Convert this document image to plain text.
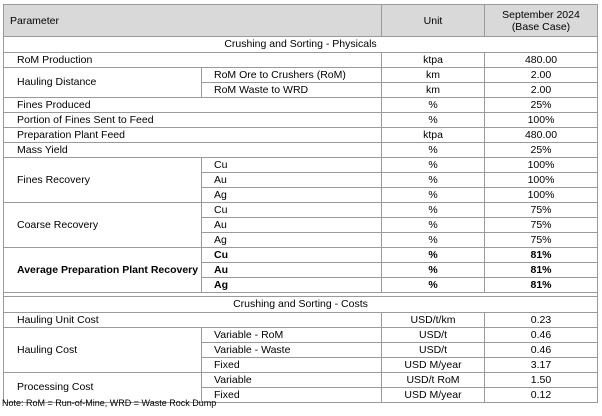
Parameter		Unit	September 2024
(Base Case)
Crushing and Sorting - Physicals			
RoM Production		ktpa	480.00
Hauling Distance	RoM Ore to Crushers (RoM)	km	2.00
	RoM Waste to WRD	km	2.00
Fines Produced		%	25%
Portion of Fines Sent to Feed		%	100%
Preparation Plant Feed		ktpa	480.00
Mass Yield		%	25%
Fines Recovery	Cu	%	100%
	Au	%	100%
	Ag	%	100%
Coarse Recovery	Cu	%	75%
	Au	%	75%
	Ag	%	75%
Average Preparation Plant Recovery	Cu	%	81%
	Au	%	81%
	Ag	%	81%

Crushing and Sorting - Costs			
Hauling Unit Cost		USD/t/km	0.23
Hauling Cost	Variable - RoM	USD/t	0.46
	Variable - Waste	USD/t	0.46
	Fixed	USD M/year	3.17
Processing Cost	Variable	USD/t RoM	1.50
	Fixed	USD M/year	0.12
Note: RoM = Run-of-Mine, WRD = Waste Rock Dump
